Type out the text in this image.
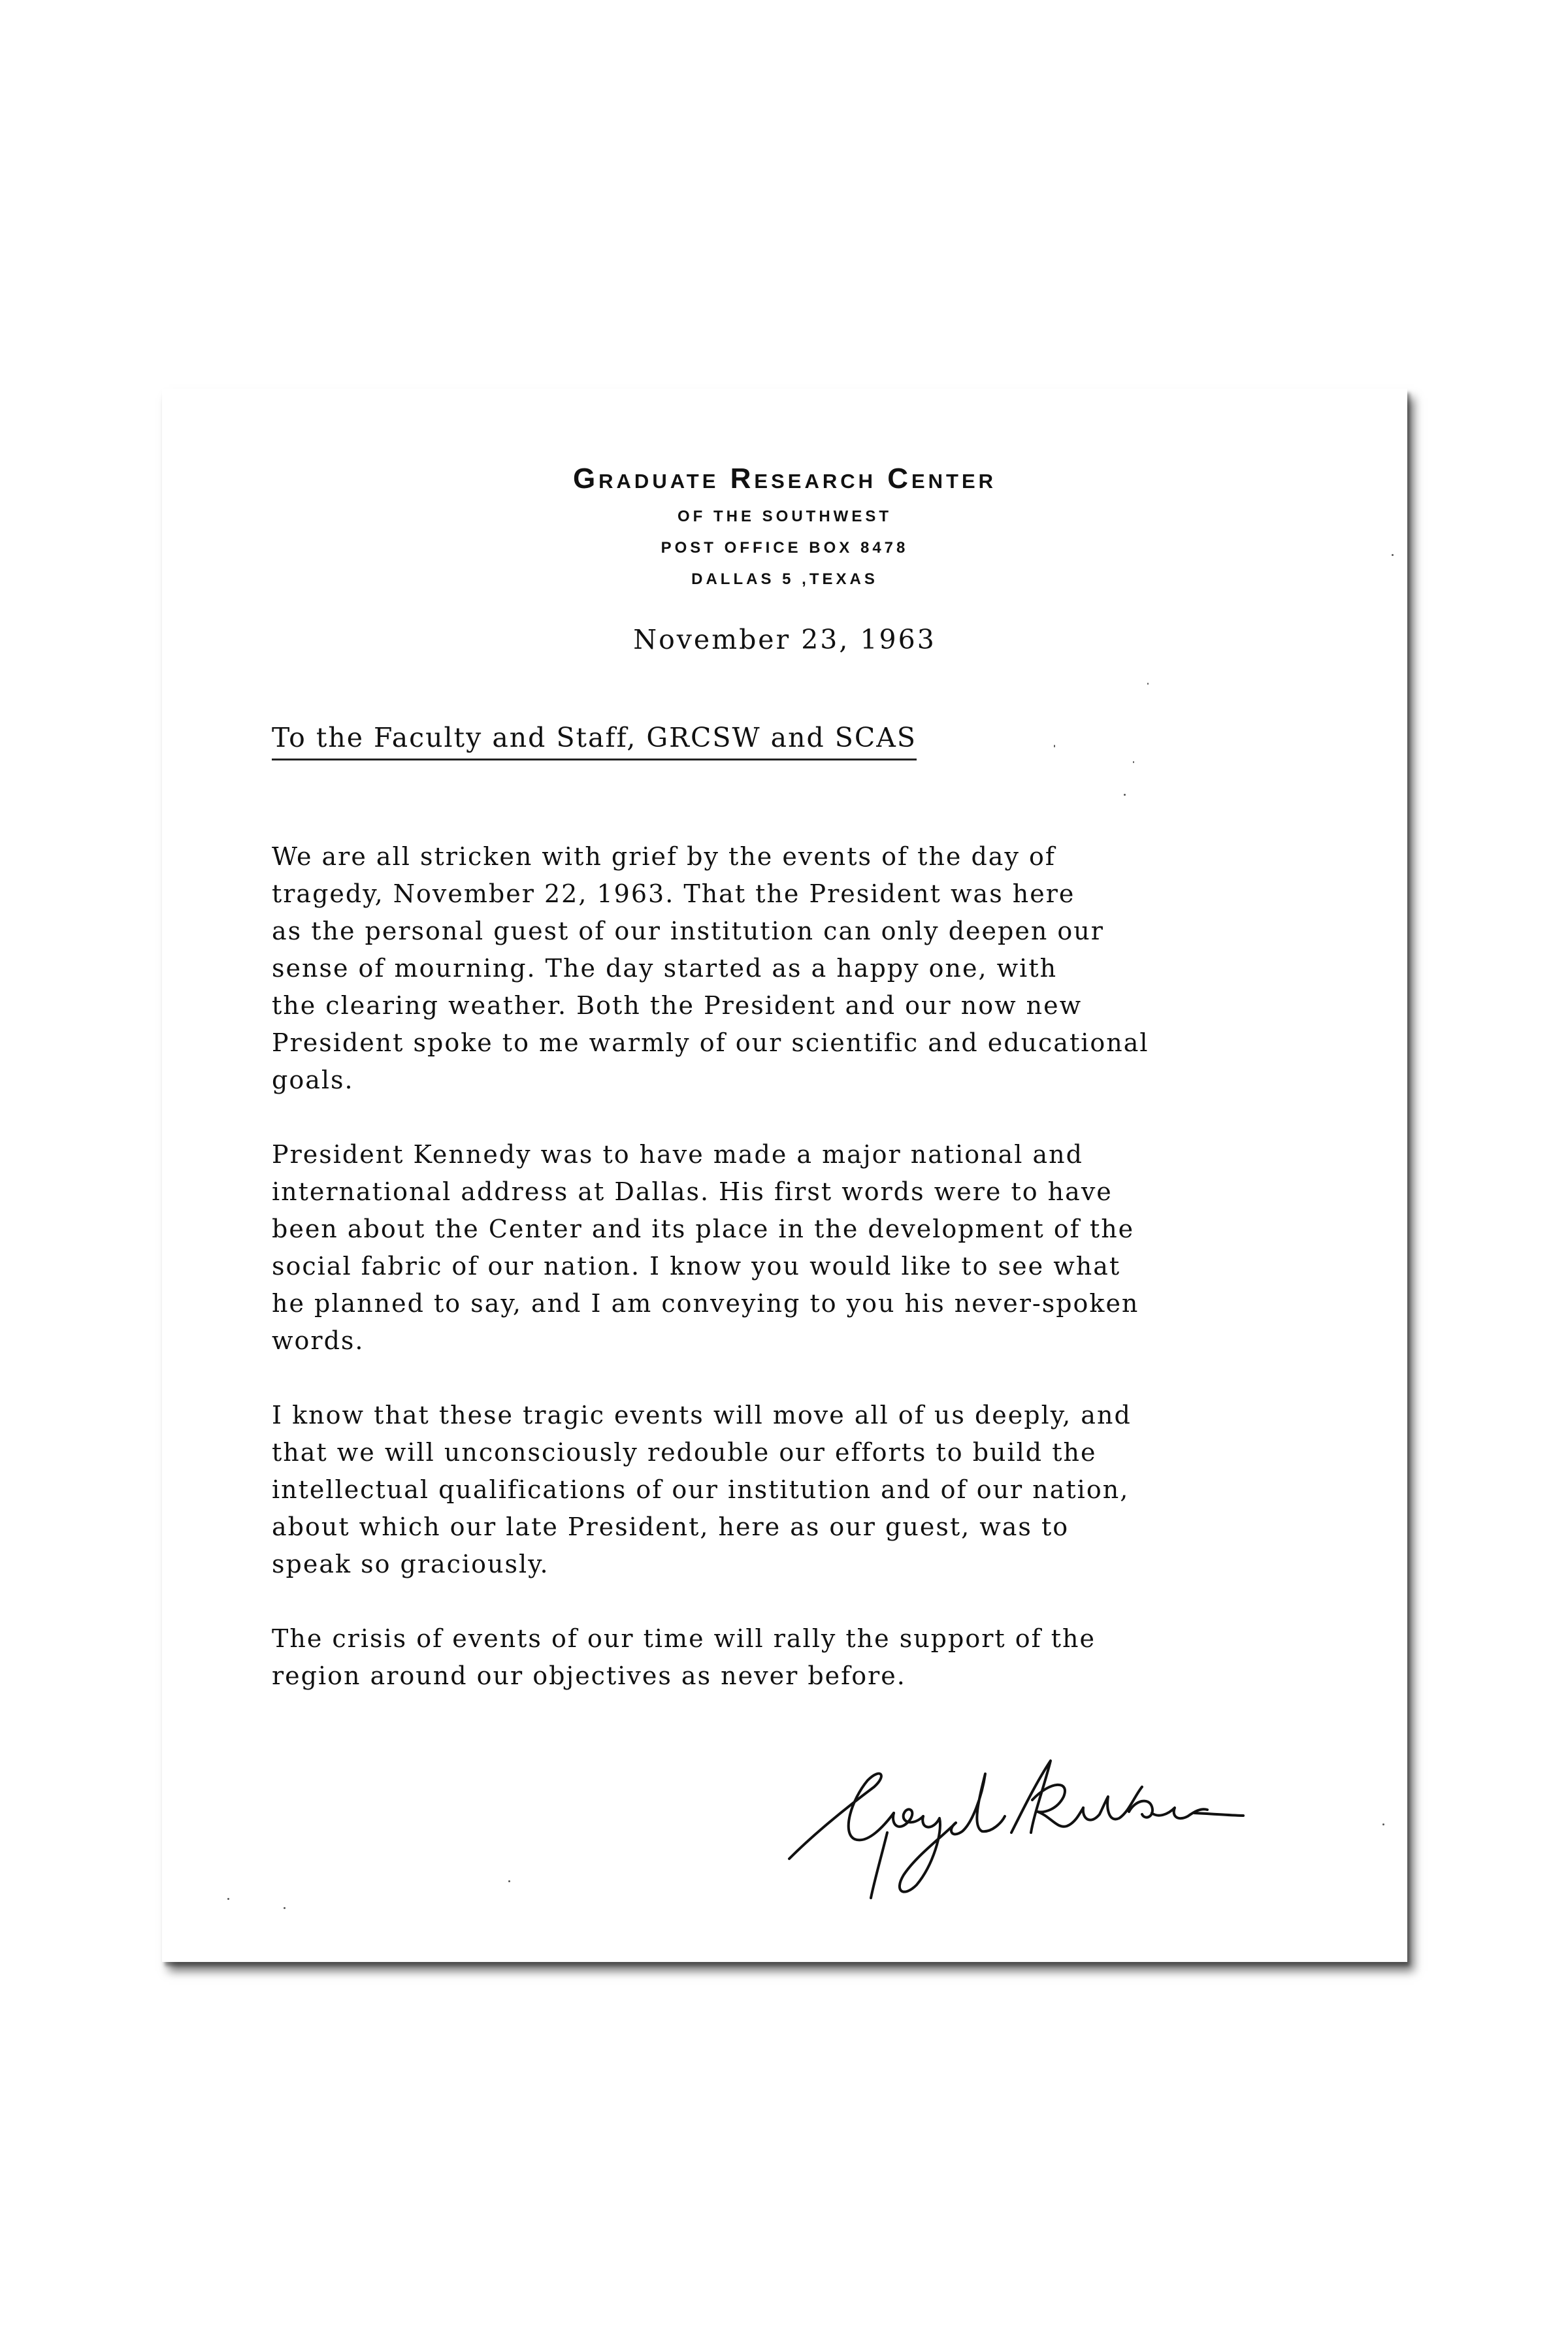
Graduate Research Center
OF THE SOUTHWEST
POST OFFICE BOX 8478
DALLAS 5 ,TEXAS
November 23, 1963
To the Faculty and Staff, GRCSW and SCAS

We are all stricken with grief by the events of the day of
tragedy, November 22, 1963. That the President was here
as the personal guest of our institution can only deepen our
sense of mourning. The day started as a happy one, with
the clearing weather. Both the President and our now new
President spoke to me warmly of our scientific and educational
goals.

President Kennedy was to have made a major national and
international address at Dallas. His first words were to have
been about the Center and its place in the development of the
social fabric of our nation. I know you would like to see what
he planned to say, and I am conveying to you his never-spoken
words.

I know that these tragic events will move all of us deeply, and
that we will unconsciously redouble our efforts to build the
intellectual qualifications of our institution and of our nation,
about which our late President, here as our guest, was to
speak so graciously.

The crisis of events of our time will rally the support of the
region around our objectives as never before.
